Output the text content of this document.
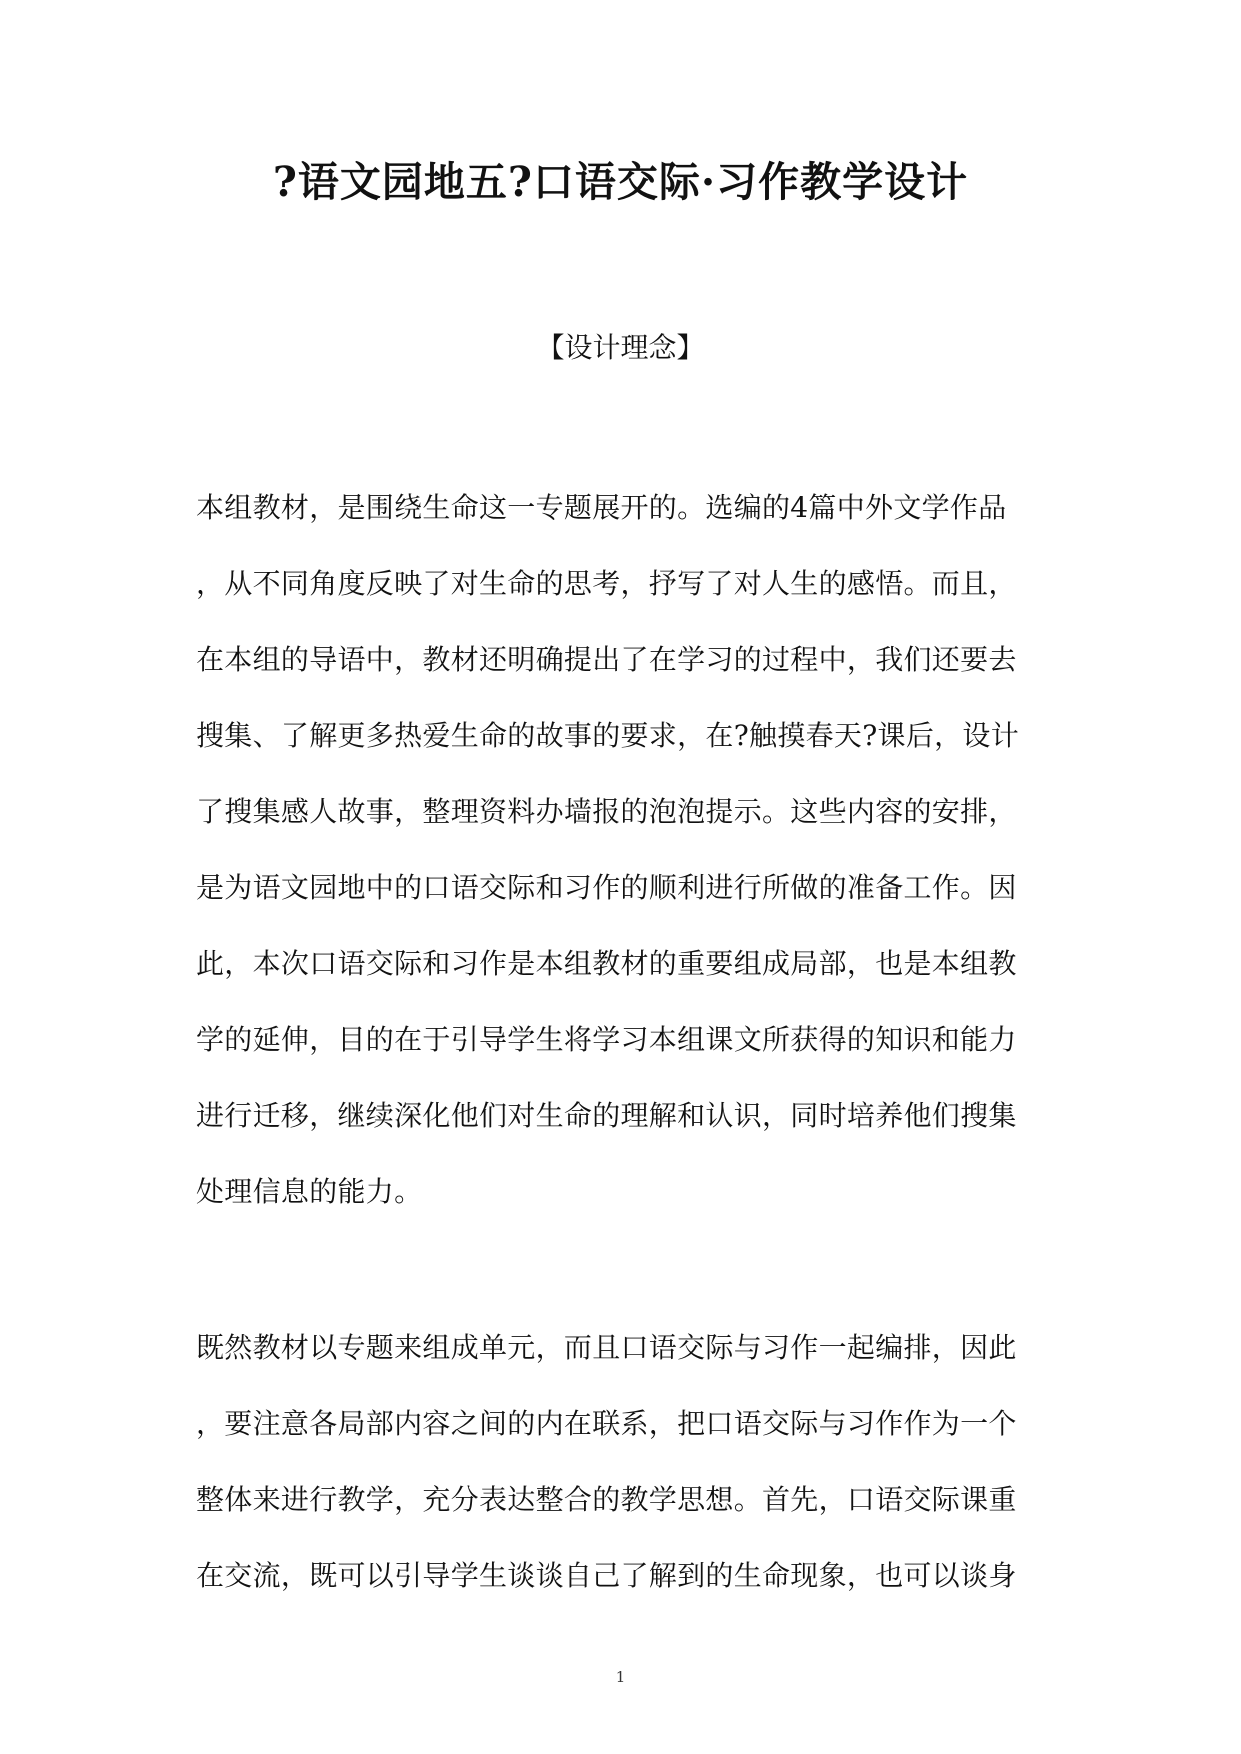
?语文园地五?口语交际·习作教学设计
【设计理念】
本组教材，是围绕生命这一专题展开的。选编的4篇中外文学作品
，从不同角度反映了对生命的思考，抒写了对人生的感悟。而且，
在本组的导语中，教材还明确提出了在学习的过程中，我们还要去
搜集、了解更多热爱生命的故事的要求，在?触摸春天?课后，设计
了搜集感人故事，整理资料办墙报的泡泡提示。这些内容的安排，
是为语文园地中的口语交际和习作的顺利进行所做的准备工作。因
此，本次口语交际和习作是本组教材的重要组成局部，也是本组教
学的延伸，目的在于引导学生将学习本组课文所获得的知识和能力
进行迁移，继续深化他们对生命的理解和认识，同时培养他们搜集
处理信息的能力。
既然教材以专题来组成单元，而且口语交际与习作一起编排，因此
，要注意各局部内容之间的内在联系，把口语交际与习作作为一个
整体来进行教学，充分表达整合的教学思想。首先，口语交际课重
在交流，既可以引导学生谈谈自己了解到的生命现象，也可以谈身
1
